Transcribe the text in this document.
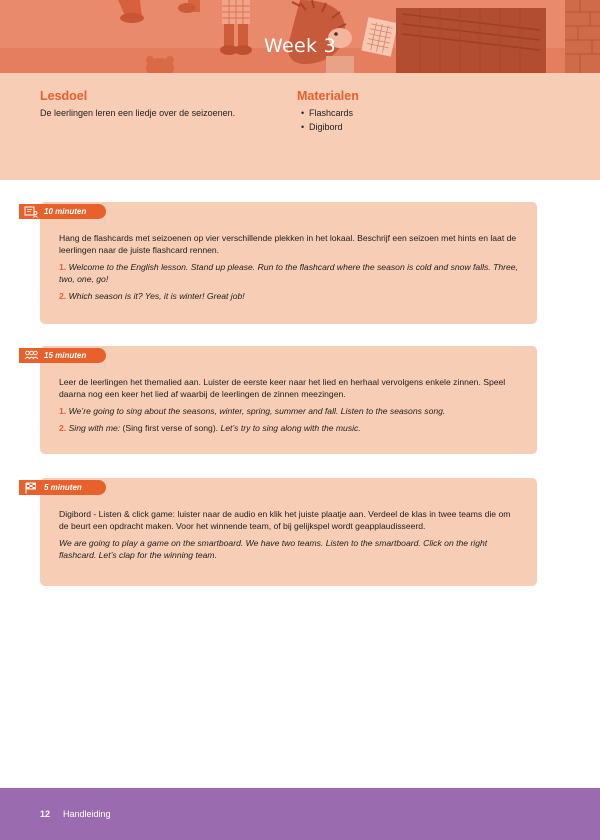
Week 3
Lesdoel
De leerlingen leren een liedje over de seizoenen.
Materialen
• Flashcards
• Digibord

Hang de flashcards met seizoenen op vier verschillende plekken in het lokaal. Beschrijf een seizoen met hints en laat de leerlingen naar de juiste flashcard rennen.

1. Welcome to the English lesson. Stand up please. Run to the flashcard where the season is cold and snow falls. Three, two, one, go!

2. Which season is it? Yes, it is winter! Great job!

10 minuten

Leer de leerlingen het themalied aan. Luister de eerste keer naar het lied en herhaal vervolgens enkele zinnen. Speel daarna nog een keer het lied af waarbij de leerlingen de zinnen meezingen.

1. We’re going to sing about the seasons, winter, spring, summer and fall. Listen to the seasons song.

2. Sing with me: (Sing first verse of song). Let’s try to sing along with the music.

15 minuten

Digibord - Listen & click game: luister naar de audio en klik het juiste plaatje aan. Verdeel de klas in twee teams die om de beurt een opdracht maken. Voor het winnende team, of bij gelijkspel wordt geapplaudisseerd.

We are going to play a game on the smartboard. We have two teams. Listen to the smartboard. Click on the right flashcard. Let’s clap for the winning team.

5 minuten
12 Handleiding
